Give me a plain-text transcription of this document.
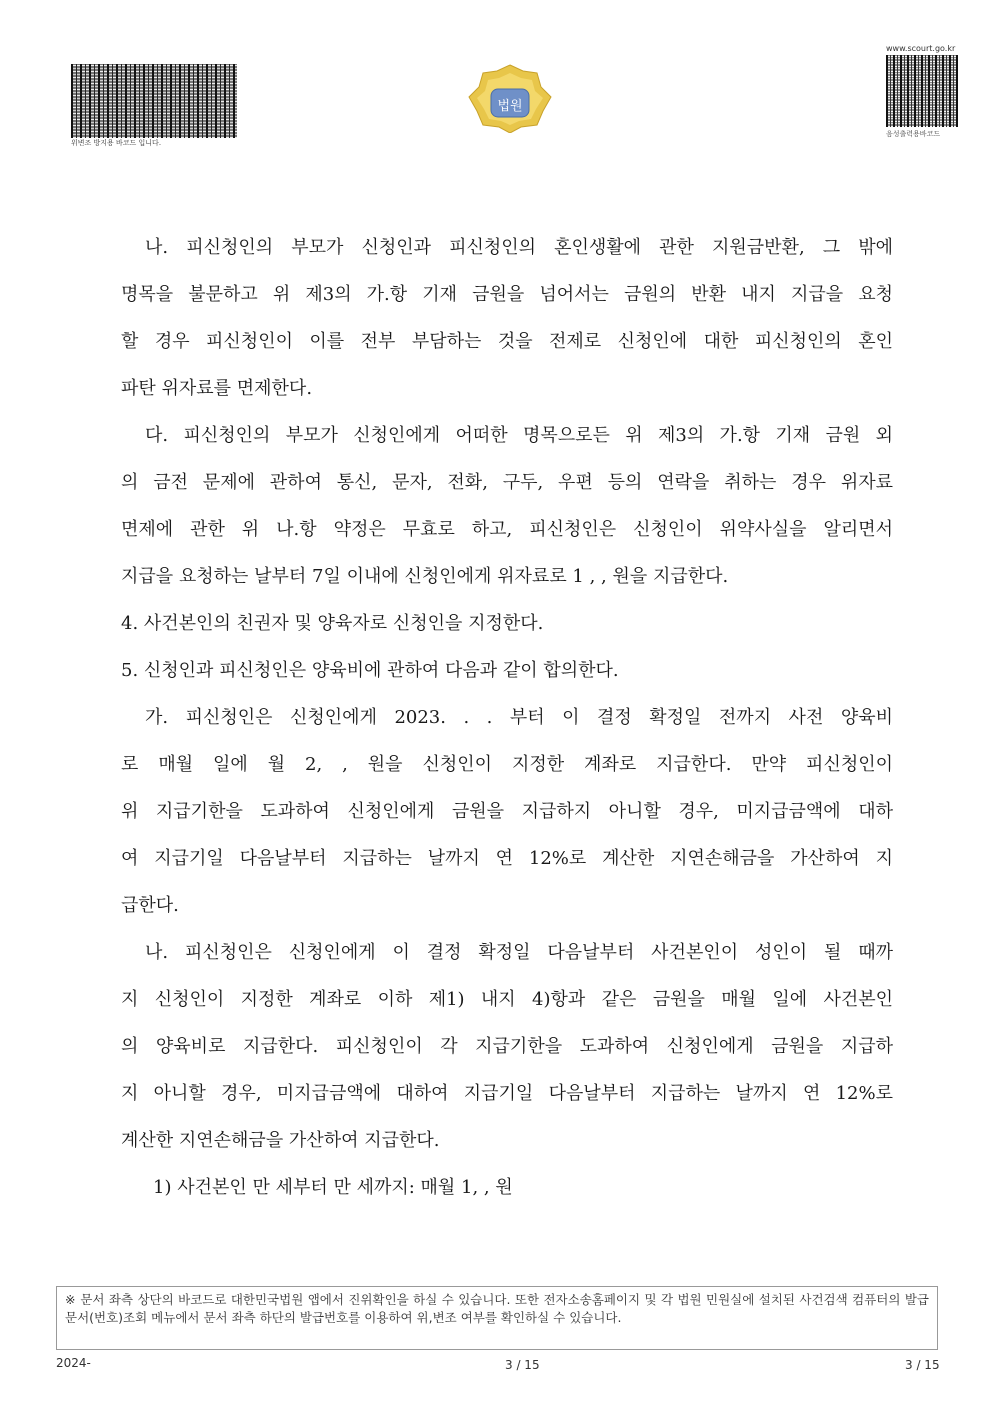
위변조 방지용 바코드 입니다.
www.scourt.go.kr
음성출력용바코드
법원

나. 피신청인의 부모가 신청인과 피신청인의 혼인생활에 관한 지원금반환, 그 밖에

명목을 불문하고 위 제3의 가.항 기재 금원을 넘어서는 금원의 반환 내지 지급을 요청

할 경우 피신청인이 이를 전부 부담하는 것을 전제로 신청인에 대한 피신청인의 혼인

파탄 위자료를 면제한다.

다. 피신청인의 부모가 신청인에게 어떠한 명목으로든 위 제3의 가.항 기재 금원 외

의 금전 문제에 관하여 통신, 문자, 전화, 구두, 우편 등의 연락을 취하는 경우 위자료

면제에 관한 위 나.항 약정은 무효로 하고, 피신청인은 신청인이 위약사실을 알리면서

지급을 요청하는 날부터 7일 이내에 신청인에게 위자료로 1 , , 원을 지급한다.

4. 사건본인의 친권자 및 양육자로 신청인을 지정한다.

5. 신청인과 피신청인은 양육비에 관하여 다음과 같이 합의한다.

가. 피신청인은 신청인에게 2023. . . 부터 이 결정 확정일 전까지 사전 양육비

로 매월 일에 월 2, , 원을 신청인이 지정한 계좌로 지급한다. 만약 피신청인이

위 지급기한을 도과하여 신청인에게 금원을 지급하지 아니할 경우, 미지급금액에 대하

여 지급기일 다음날부터 지급하는 날까지 연 12%로 계산한 지연손해금을 가산하여 지

급한다.

나. 피신청인은 신청인에게 이 결정 확정일 다음날부터 사건본인이 성인이 될 때까

지 신청인이 지정한 계좌로 이하 제1) 내지 4)항과 같은 금원을 매월 일에 사건본인

의 양육비로 지급한다. 피신청인이 각 지급기한을 도과하여 신청인에게 금원을 지급하

지 아니할 경우, 미지급금액에 대하여 지급기일 다음날부터 지급하는 날까지 연 12%로

계산한 지연손해금을 가산하여 지급한다.

1) 사건본인 만 세부터 만 세까지: 매월 1, , 원

※ 문서 좌측 상단의 바코드로 대한민국법원 앱에서 진위확인을 하실 수 있습니다. 또한 전자소송홈페이지 및 각 법원 민원실에 설치된 사건검색 컴퓨터의 발급문서(번호)조회 메뉴에서 문서 좌측 하단의 발급번호를 이용하여 위,변조 여부를 확인하실 수 있습니다.
2024-	3 / 15	3 / 15
